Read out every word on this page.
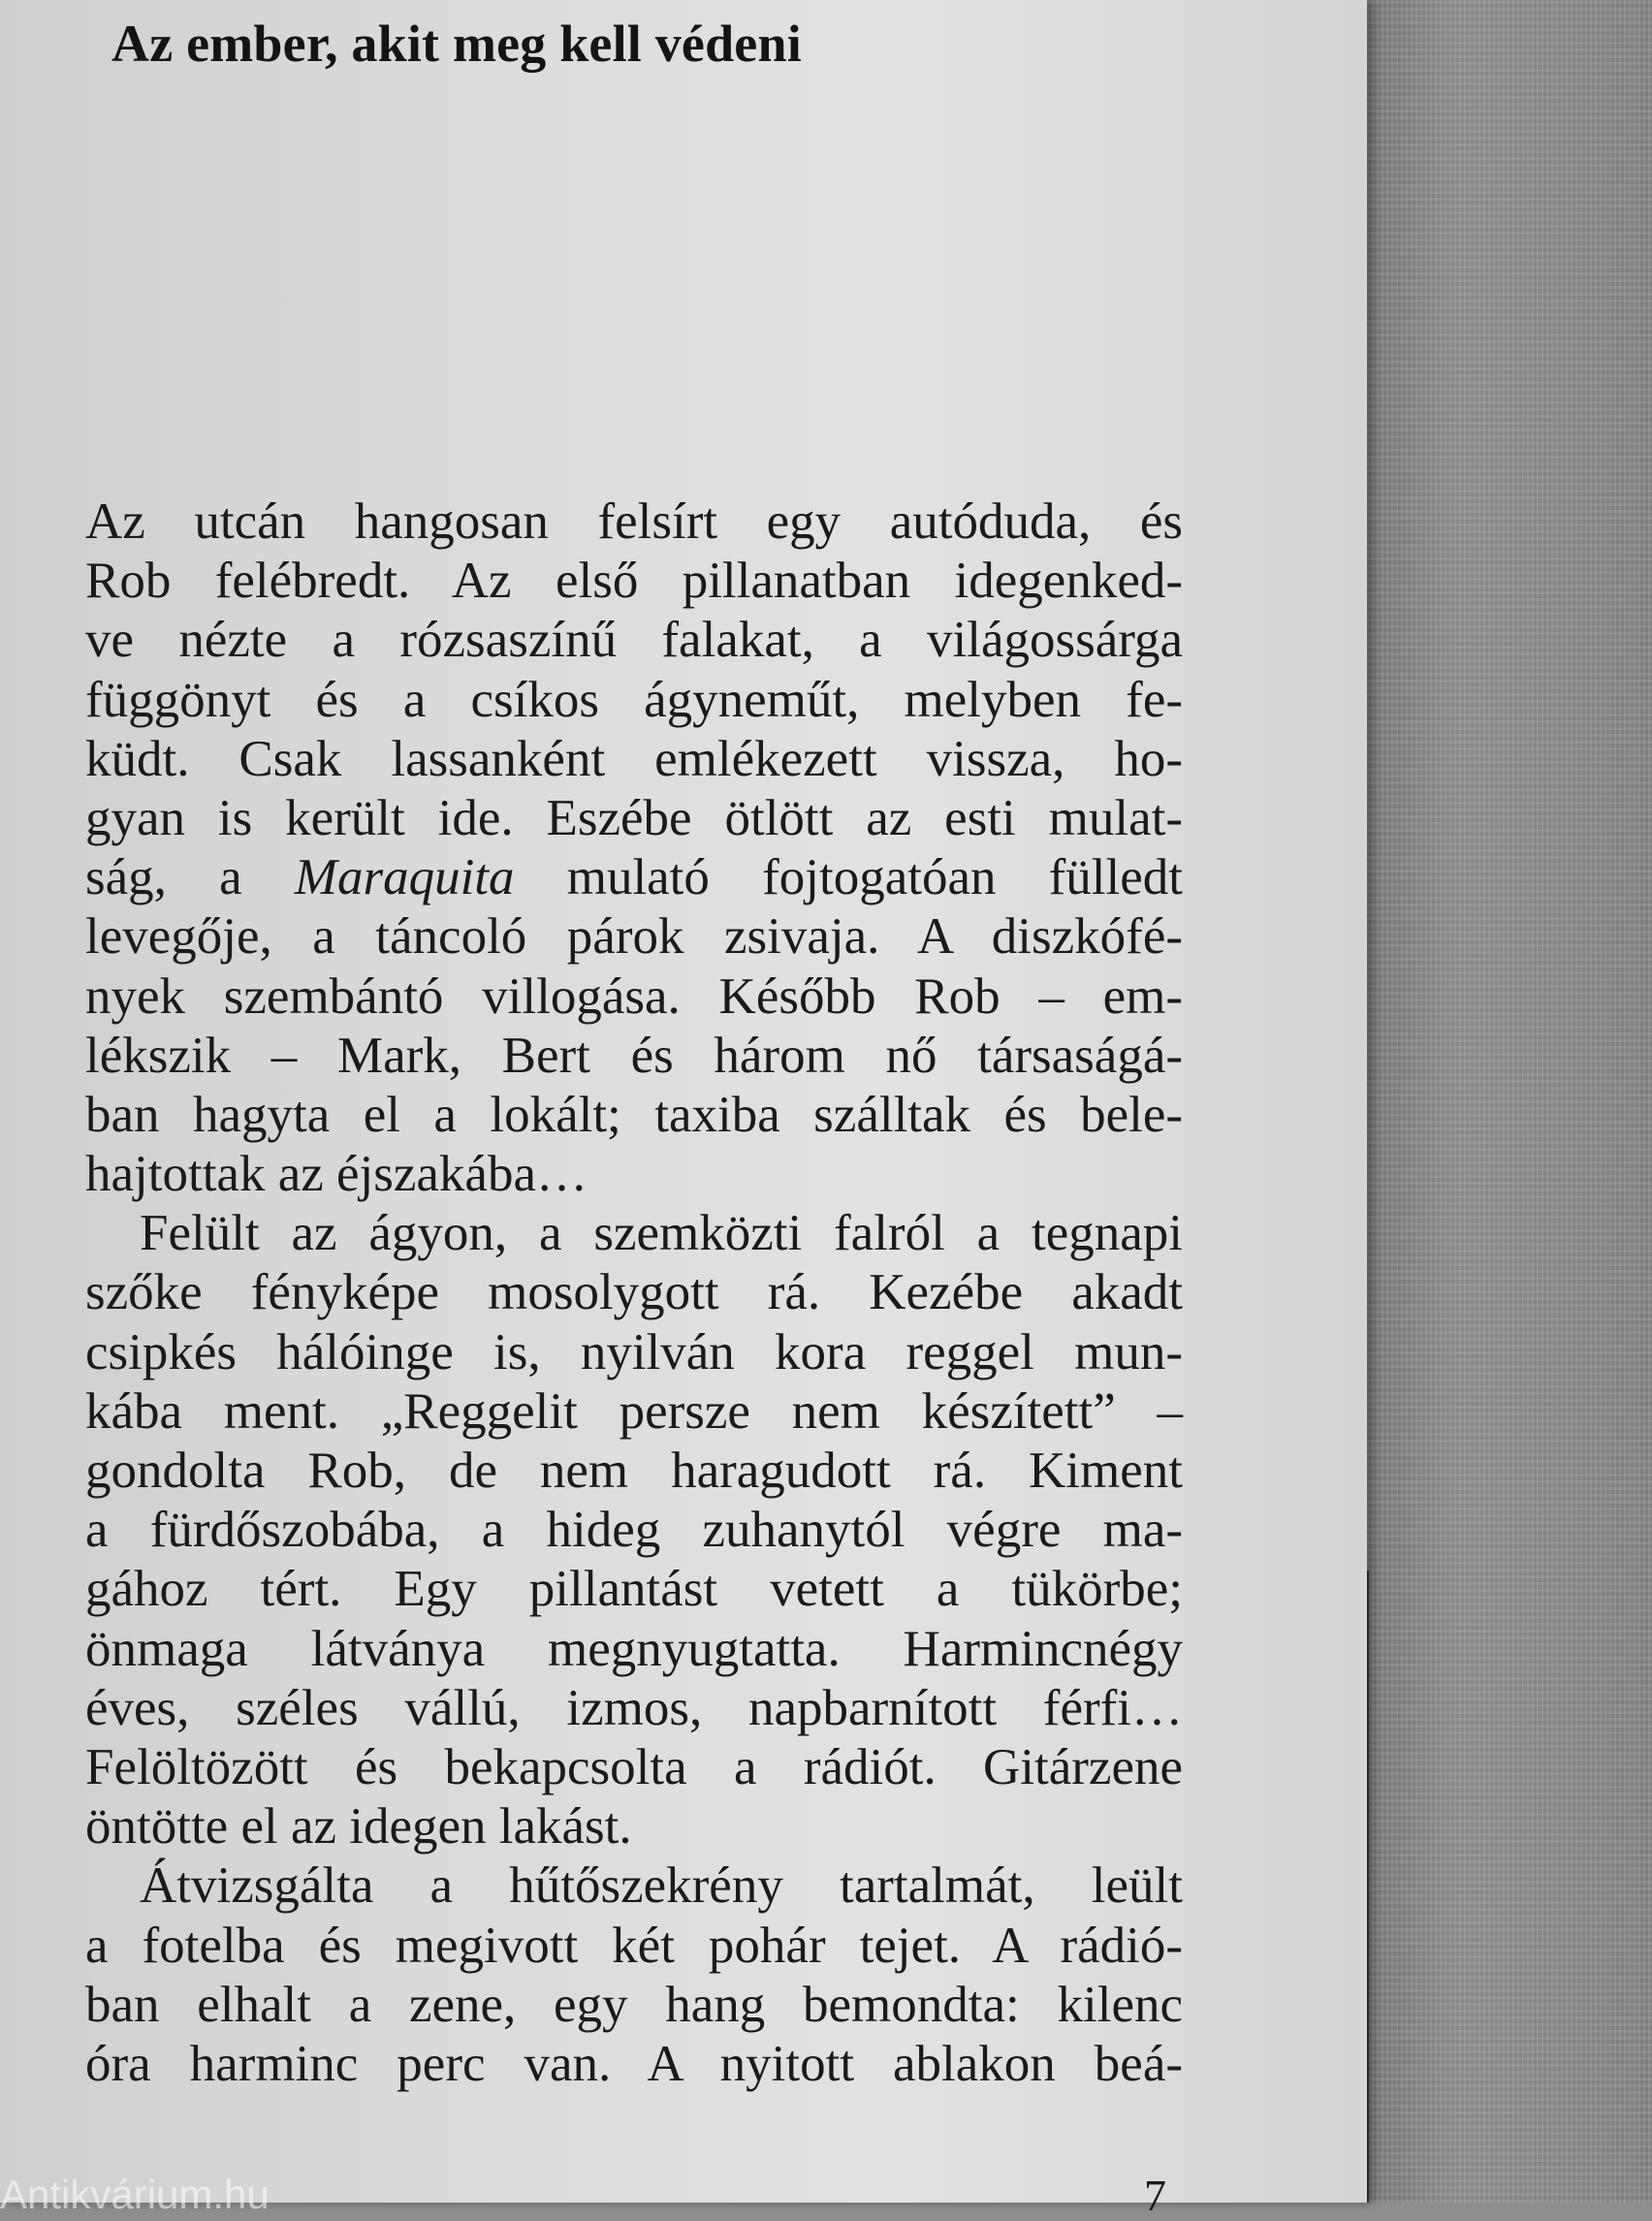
Az ember, akit meg kell védeni
Az utcán hangosan felsírt egy autóduda, és
Rob felébredt. Az első pillanatban idegenked-
ve nézte a rózsaszínű falakat, a világossárga
függönyt és a csíkos ágyneműt, melyben fe-
küdt. Csak lassanként emlékezett vissza, ho-
gyan is került ide. Eszébe ötlött az esti mulat-
ság, a Maraquita mulató fojtogatóan fülledt
levegője, a táncoló párok zsivaja. A diszkófé-
nyek szembántó villogása. Később Rob – em-
lékszik – Mark, Bert és három nő társaságá-
ban hagyta el a lokált; taxiba szálltak és bele-
hajtottak az éjszakába…
Felült az ágyon, a szemközti falról a tegnapi
szőke fényképe mosolygott rá. Kezébe akadt
csipkés hálóinge is, nyilván kora reggel mun-
kába ment. „Reggelit persze nem készített” –
gondolta Rob, de nem haragudott rá. Kiment
a fürdőszobába, a hideg zuhanytól végre ma-
gához tért. Egy pillantást vetett a tükörbe;
önmaga látványa megnyugtatta. Harmincnégy
éves, széles vállú, izmos, napbarnított férfi…
Felöltözött és bekapcsolta a rádiót. Gitárzene
öntötte el az idegen lakást.
Átvizsgálta a hűtőszekrény tartalmát, leült
a fotelba és megivott két pohár tejet. A rádió-
ban elhalt a zene, egy hang bemondta: kilenc
óra harminc perc van. A nyitott ablakon beá-
7
Antikvárium.hu
